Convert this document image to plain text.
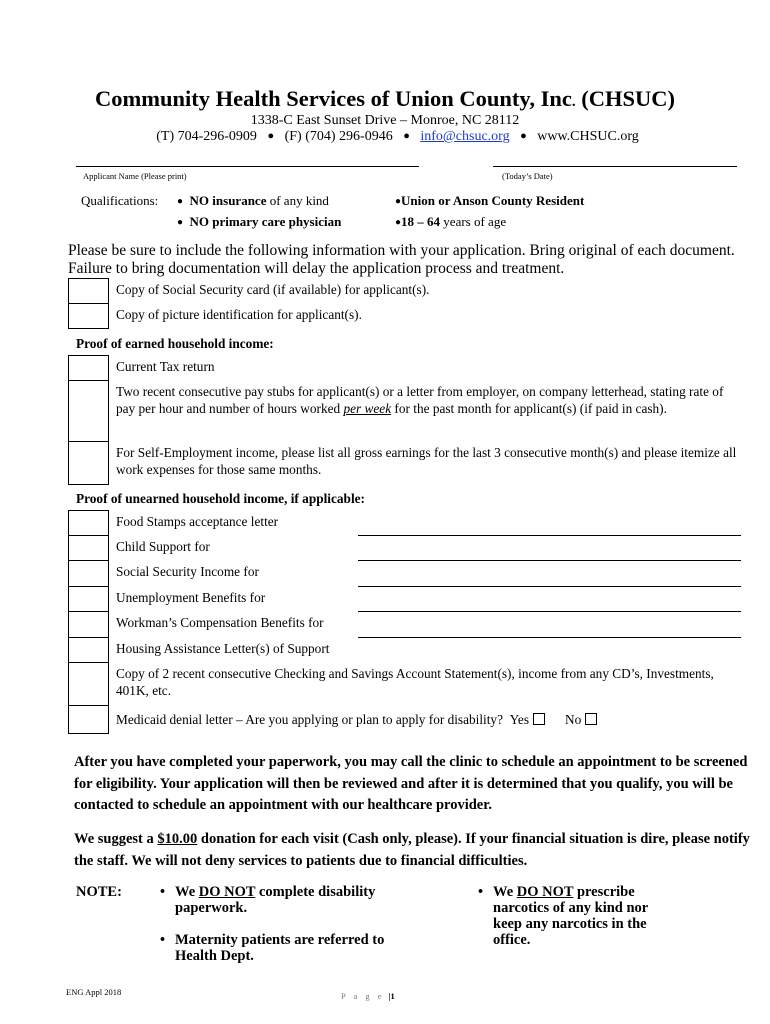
Community Health Services of Union County, Inc. (CHSUC)
1338-C East Sunset Drive – Monroe, NC 28112
(T) 704-296-0909 ● (F) (704) 296-0946 ● info@chsuc.org ● www.CHSUC.org
Applicant Name (Please print)	(Today’s Date)
Qualifications: ● NO insurance of any kind	●Union or Anson County Resident
● NO primary care physician	●18 – 64 years of age
Please be sure to include the following information with your application. Bring original of each document. Failure to bring documentation will delay the application process and treatment.
	Copy of Social Security card (if available) for applicant(s).
	Copy of picture identification for applicant(s).
Proof of earned household income:
	Current Tax return
	Two recent consecutive pay stubs for applicant(s) or a letter from employer, on company letterhead, stating rate of pay per hour and number of hours worked per week for the past month for applicant(s) (if paid in cash).
	For Self-Employment income, please list all gross earnings for the last 3 consecutive month(s) and please itemize all work expenses for those same months.
Proof of unearned household income, if applicable:
	Food Stamps acceptance letter
	Child Support for
	Social Security Income for
	Unemployment Benefits for
	Workman’s Compensation Benefits for
	Housing Assistance Letter(s) of Support
	Copy of 2 recent consecutive Checking and Savings Account Statement(s), income from any CD’s, Investments, 401K, etc.
	Medicaid denial letter – Are you applying or plan to apply for disability? Yes No
After you have completed your paperwork, you may call the clinic to schedule an appointment to be screened for eligibility. Your application will then be reviewed and after it is determined that you qualify, you will be contacted to schedule an appointment with our healthcare provider.
We suggest a $10.00 donation for each visit (Cash only, please). If your financial situation is dire, please notify the staff. We will not deny services to patients due to financial difficulties.
NOTE:	• We DO NOT complete disability paperwork.
• Maternity patients are referred to Health Dept.
• We DO NOT prescribe narcotics of any kind nor keep any narcotics in the office.
ENG Appl 2018	P a g e |1
